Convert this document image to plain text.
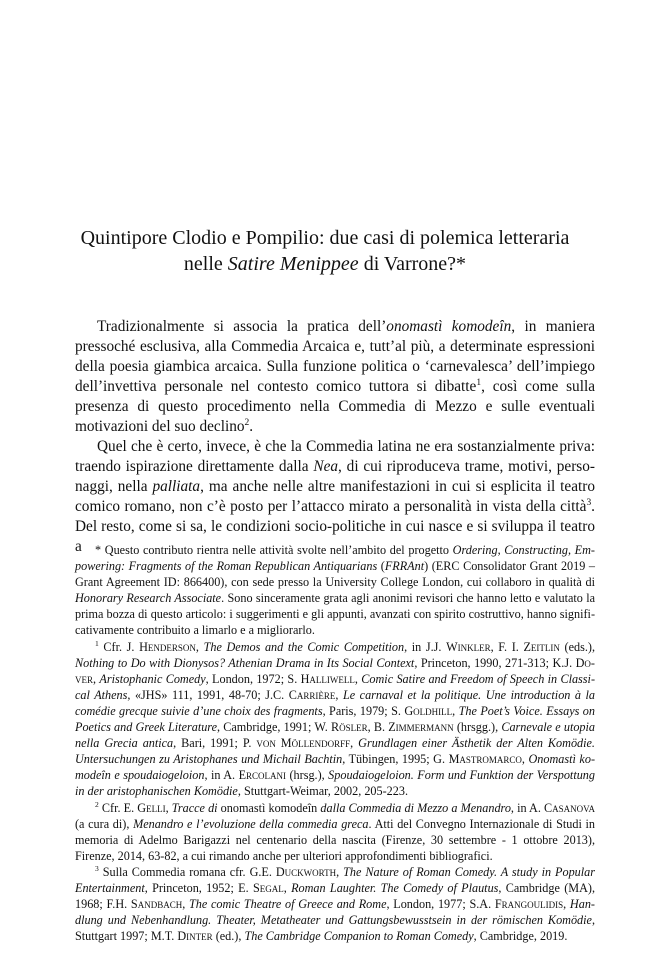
Quintipore Clodio e Pompilio: due casi di polemica letteraria
nelle Satire Menippee di Varrone?*

Tradizionalmente si associa la pratica dell’onomastì komodeîn, in maniera pressoché esclusiva, alla Commedia Arcaica e, tutt’al più, a determinate espressioni della poesia giambica arcaica. Sulla funzione politica o ‘carnevalesca’ dell’impiego dell’invettiva personale nel contesto comico tuttora si dibatte$^1$, così come sulla presenza di questo procedimento nella Commedia di Mezzo e sulle eventuali motivazioni del suo declino$^2$.

Quel che è certo, invece, è che la Commedia latina ne era sostanzialmente priva: traendo ispirazione direttamente dalla Nea, di cui riproduceva trame, motivi, personaggi, nella palliata, ma anche nelle altre manifestazioni in cui si esplicita il teatro comico romano, non c’è posto per l’attacco mirato a personalità in vista della città$^3$. Del resto, come si sa, le condizioni socio-politiche in cui nasce e si sviluppa il teatro a	* Questo contributo rientra nelle attività svolte nell’ambito del progetto Ordering, Constructing, Empowering: Fragments of the Roman Republican Antiquarians (FRRAnt) (ERC Consolidator Grant 2019 – Grant Agreement ID: 866400), con sede presso la University College London, cui collaboro in qualità di Honorary Research Associate. Sono sinceramente grata agli anonimi revisori che hanno letto e valutato la prima bozza di questo articolo: i suggerimenti e gli appunti, avanzati con spirito costruttivo, hanno significativamente contribuito a limarlo e a migliorarlo.

$^1$ Cfr. J. Henderson, The Demos and the Comic Competition, in J.J. Winkler, F. I. Zeitlin (eds.), Nothing to Do with Dionysos? Athenian Drama in Its Social Context, Princeton, 1990, 271-313; K.J. Dover, Aristophanic Comedy, London, 1972; S. Halliwell, Comic Satire and Freedom of Speech in Classical Athens, «JHS» 111, 1991, 48-70; J.C. Carrière, Le carnaval et la politique. Une introduction à la comédie grecque suivie d’une choix des fragments, Paris, 1979; S. Goldhill, The Poet’s Voice. Essays on Poetics and Greek Literature, Cambridge, 1991; W. Rösler, B. Zimmermann (hrsgg.), Carnevale e utopia nella Grecia antica, Bari, 1991; P. von Möllendorff, Grundlagen einer Ästhetik der Alten Komödie. Untersuchungen zu Aristophanes und Michail Bachtin, Tübingen, 1995; G. Mastromarco, Onomastì komodeîn e spoudaiogeloion, in A. Ercolani (hrsg.), Spoudaiogeloion. Form und Funktion der Verspottung in der aristophanischen Komödie, Stuttgart-Weimar, 2002, 205-223.

$^2$ Cfr. E. Gelli, Tracce di onomastì komodeîn dalla Commedia di Mezzo a Menandro, in A. Casanova (a cura di), Menandro e l’evoluzione della commedia greca. Atti del Convegno Internazionale di Studi in memoria di Adelmo Barigazzi nel centenario della nascita (Firenze, 30 settembre - 1 ottobre 2013), Firenze, 2014, 63-82, a cui rimando anche per ulteriori approfondimenti bibliografici.

$^3$ Sulla Commedia romana cfr. G.E. Duckworth, The Nature of Roman Comedy. A study in Popular Entertainment, Princeton, 1952; E. Segal, Roman Laughter. The Comedy of Plautus, Cambridge (MA), 1968; F.H. Sandbach, The comic Theatre of Greece and Rome, London, 1977; S.A. Frangoulidis, Handlung und Nebenhandlung. Theater, Metatheater und Gattungsbewusstsein in der römischen Komödie, Stuttgart 1997; M.T. Dinter (ed.), The Cambridge Companion to Roman Comedy, Cambridge, 2019.
